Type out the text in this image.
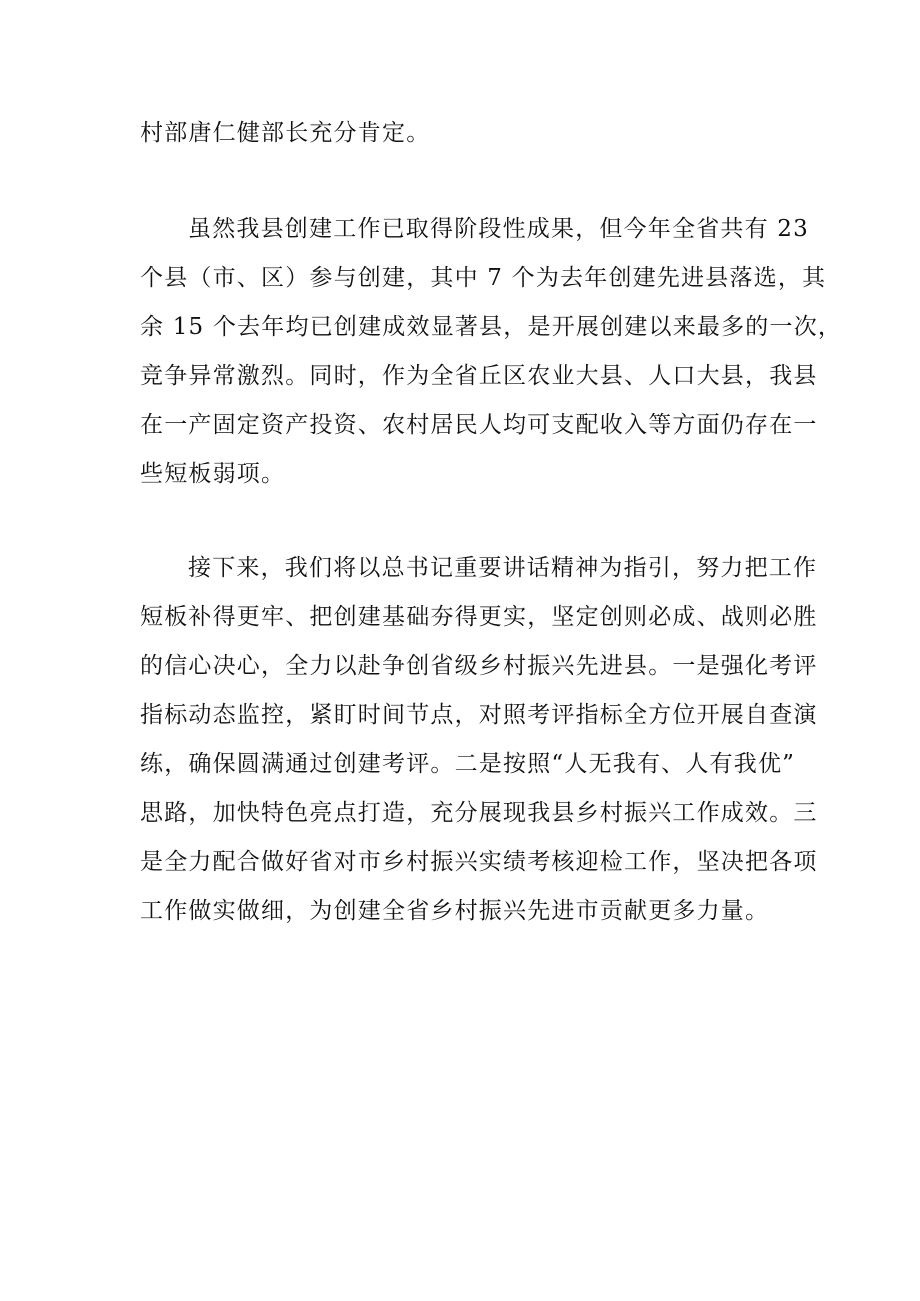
村部唐仁健部长充分肯定。
虽然我县创建工作已取得阶段性成果，但今年全省共有 23
个县（市、区）参与创建，其中 7 个为去年创建先进县落选，其
余 15 个去年均已创建成效显著县，是开展创建以来最多的一次，
竞争异常激烈。同时，作为全省丘区农业大县、人口大县，我县
在一产固定资产投资、农村居民人均可支配收入等方面仍存在一
些短板弱项。
接下来，我们将以总书记重要讲话精神为指引，努力把工作
短板补得更牢、把创建基础夯得更实，坚定创则必成、战则必胜
的信心决心，全力以赴争创省级乡村振兴先进县。一是强化考评
指标动态监控，紧盯时间节点，对照考评指标全方位开展自查演
练，确保圆满通过创建考评。二是按照“人无我有、人有我优”
思路，加快特色亮点打造，充分展现我县乡村振兴工作成效。三
是全力配合做好省对市乡村振兴实绩考核迎检工作，坚决把各项
工作做实做细，为创建全省乡村振兴先进市贡献更多力量。
